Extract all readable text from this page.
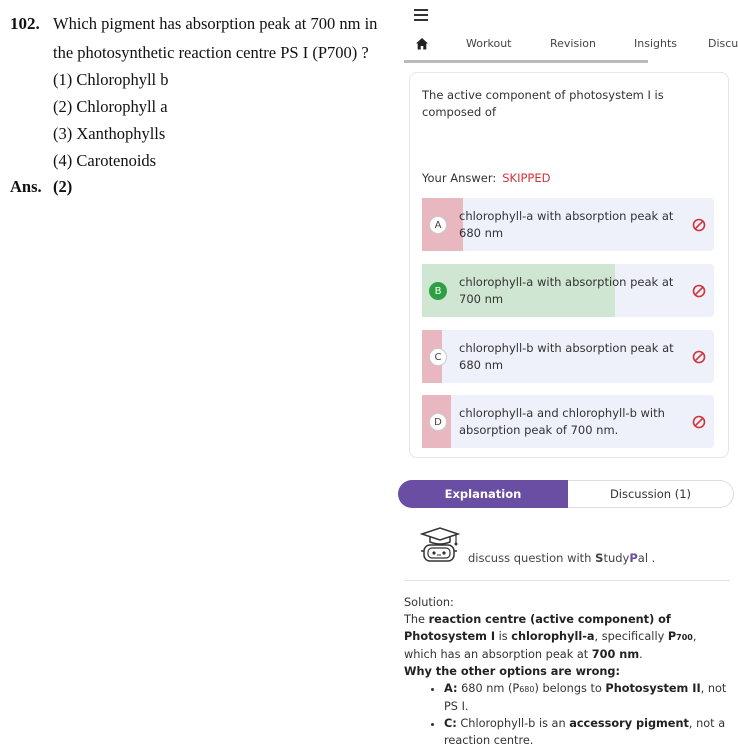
102. Which pigment has absorption peak at 700 nm in
the photosynthetic reaction centre PS I (P700) ?
(1) Chlorophyll b
(2) Chlorophyll a
(3) Xanthophylls
(4) Carotenoids
Ans. (2)
Workout	Revision	Insights	Discu
The active component of photosystem I is composed of
Your Answer: SKIPPED
A
chlorophyll-a with absorption peak at 680 nm
B
chlorophyll-a with absorption peak at 700 nm
C
chlorophyll-b with absorption peak at 680 nm
D
chlorophyll-a and chlorophyll-b with absorption peak of 700 nm.
Explanation	Discussion (1)
discuss question with StudyPal .
Solution:
The reaction centre (active component) of Photosystem I is chlorophyll-a, specifically P700, which has an absorption peak at 700 nm.
Why the other options are wrong:
• A: 680 nm (P680) belongs to Photosystem II, not PS I.
• C: Chlorophyll-b is an accessory pigment, not a reaction centre.
